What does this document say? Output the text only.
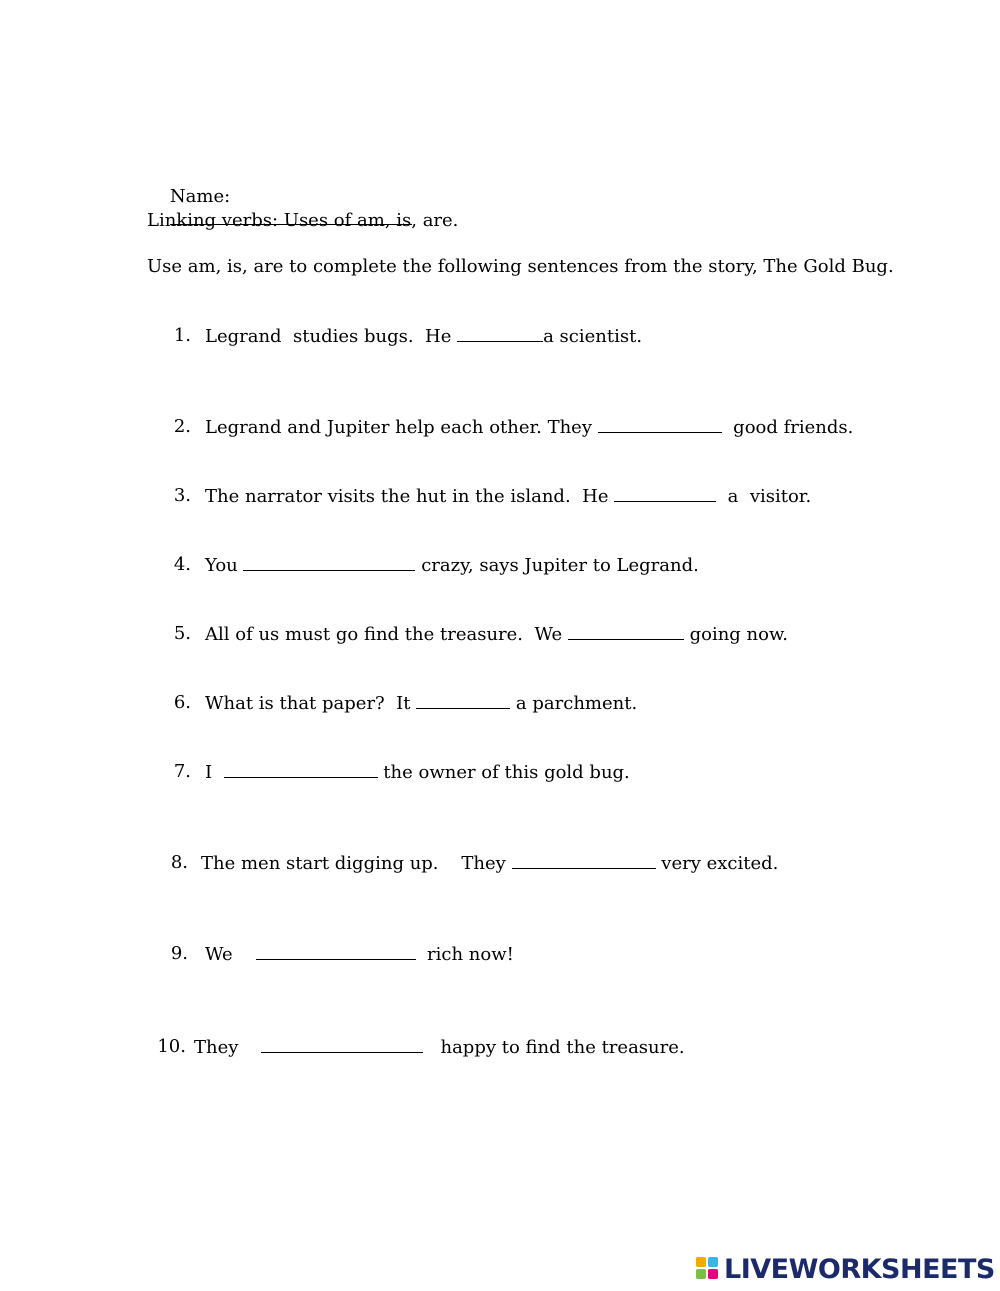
Name:

Linking verbs: Uses of am, is, are.
Use am, is, are to complete the following sentences from the story, The Gold Bug.
1. Legrand  studies bugs.  He	a scientist.
2. Legrand and Jupiter help each other. They	good friends.
3. The narrator visits the hut in the island.  He	a  visitor.
4. You	crazy, says Jupiter to Legrand.
5. All of us must go find the treasure.  We	going now.
6. What is that paper?  It	a parchment.
7. I	the owner of this gold bug.
8. The men start digging up.    They	very excited.
9. We	rich now!
10. They	happy to find the treasure.
LIVEWORKSHEETS
